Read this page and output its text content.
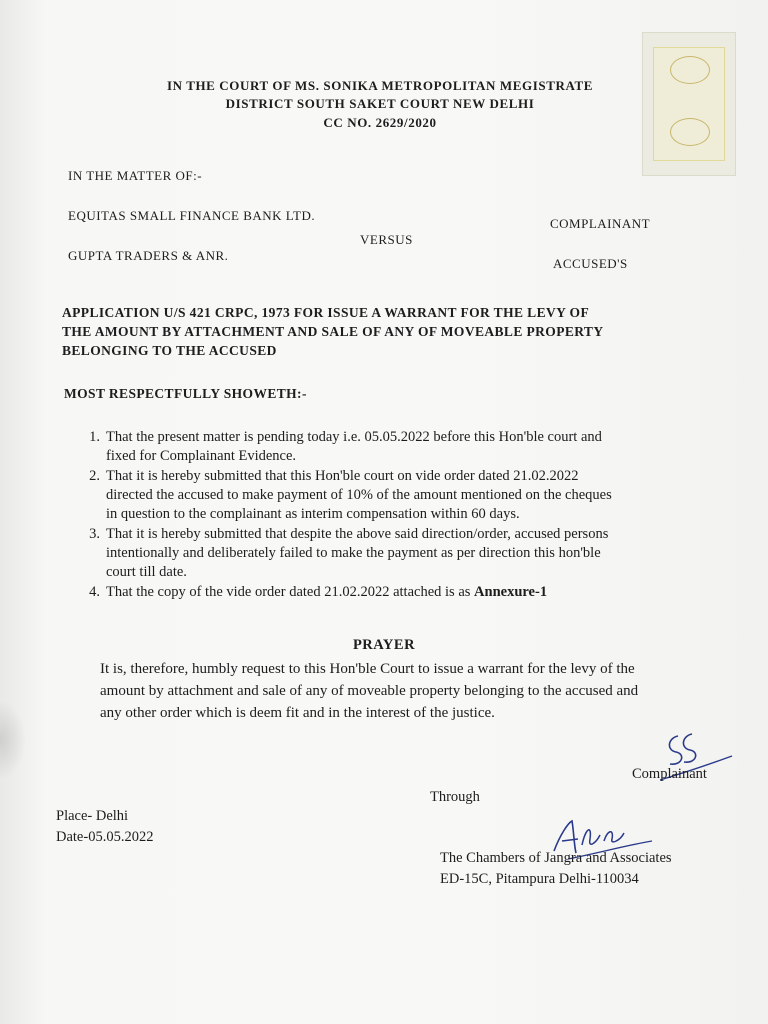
IN THE COURT OF MS. SONIKA METROPOLITAN MEGISTRATE
DISTRICT SOUTH SAKET COURT NEW DELHI
CC NO. 2629/2020
IN THE MATTER OF:-
EQUITAS SMALL FINANCE BANK LTD.
COMPLAINANT
VERSUS
GUPTA TRADERS & ANR.
ACCUSED'S
APPLICATION U/S 421 CRPC, 1973 FOR ISSUE A WARRANT FOR THE LEVY OF
THE AMOUNT BY ATTACHMENT AND SALE OF ANY OF MOVEABLE PROPERTY
BELONGING TO THE ACCUSED
MOST RESPECTFULLY SHOWETH:-
1. That the present matter is pending today i.e. 05.05.2022 before this Hon'ble court and
fixed for Complainant Evidence.
2. That it is hereby submitted that this Hon'ble court on vide order dated 21.02.2022
directed the accused to make payment of 10% of the amount mentioned on the cheques
in question to the complainant as interim compensation within 60 days.
3. That it is hereby submitted that despite the above said direction/order, accused persons
intentionally and deliberately failed to make the payment as per direction this hon'ble
court till date.
4. That the copy of the vide order dated 21.02.2022 attached is as Annexure-1
PRAYER
It is, therefore, humbly request to this Hon'ble Court to issue a warrant for the levy of the
amount by attachment and sale of any of moveable property belonging to the accused and
any other order which is deem fit and in the interest of the justice.
Complainant
Through
Place- Delhi
Date-05.05.2022
The Chambers of Jangra and Associates
ED-15C, Pitampura Delhi-110034
